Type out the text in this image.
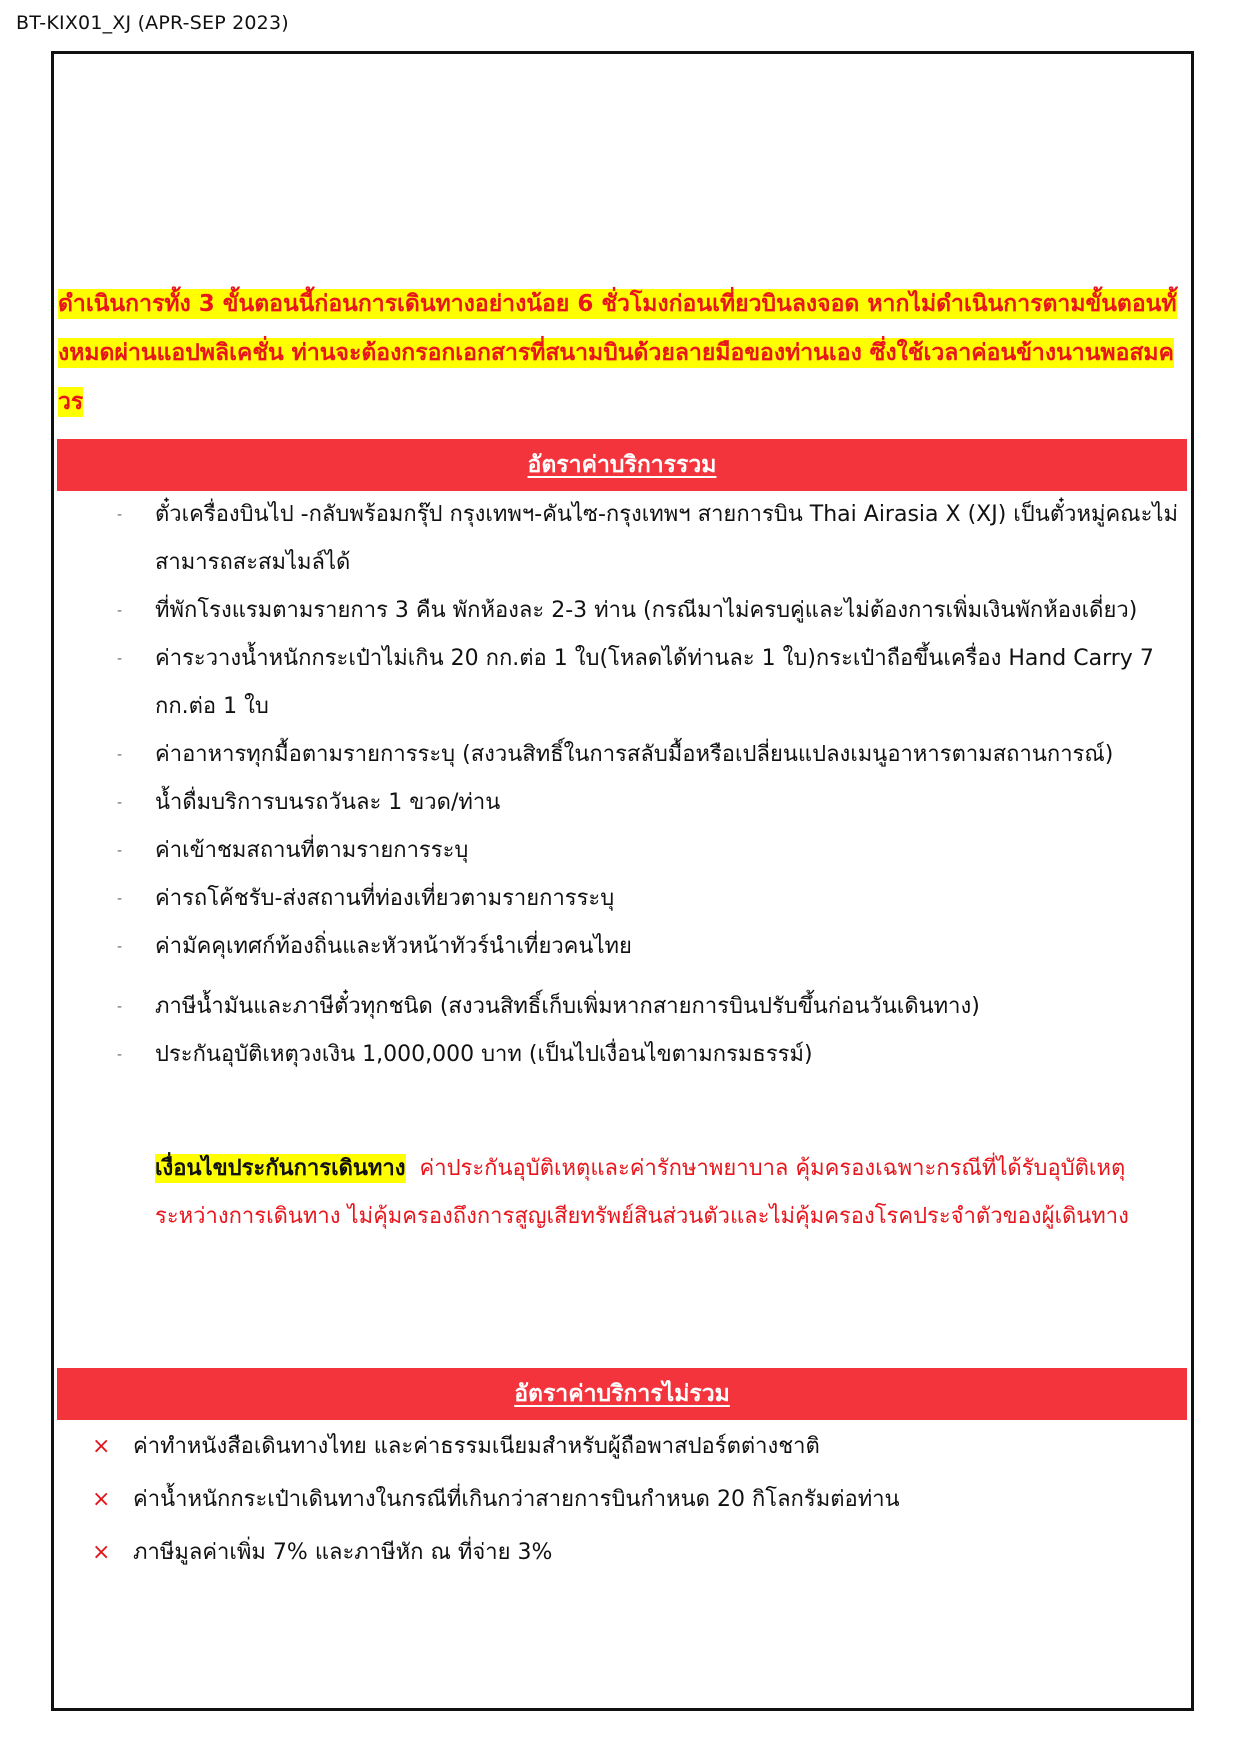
BT-KIX01_XJ (APR-SEP 2023)
ดำเนินการทั้ง 3 ขั้นตอนนี้ก่อนการเดินทางอย่างน้อย 6 ชั่วโมงก่อนเที่ยวบินลงจอด หากไม่ดำเนินการตามขั้นตอนทั้งหมดผ่านแอปพลิเคชั่น ท่านจะต้องกรอกเอกสารที่สนามบินด้วยลายมือของท่านเอง ซึ่งใช้เวลาค่อนข้างนานพอสมควร
อัตราค่าบริการรวม
- ตั๋วเครื่องบินไป -กลับพร้อมกรุ๊ป กรุงเทพฯ-คันไซ-กรุงเทพฯ สายการบิน Thai Airasia X (XJ) เป็นตั๋วหมู่คณะไม่สามารถสะสมไมล์ได้
- ที่พักโรงแรมตามรายการ 3 คืน พักห้องละ 2-3 ท่าน (กรณีมาไม่ครบคู่และไม่ต้องการเพิ่มเงินพักห้องเดี่ยว)
- ค่าระวางน้ำหนักกระเป๋าไม่เกิน 20 กก.ต่อ 1 ใบ(โหลดได้ท่านละ 1 ใบ)กระเป๋าถือขึ้นเครื่อง Hand Carry 7 กก.ต่อ 1 ใบ
- ค่าอาหารทุกมื้อตามรายการระบุ (สงวนสิทธิ์ในการสลับมื้อหรือเปลี่ยนแปลงเมนูอาหารตามสถานการณ์)
- น้ำดื่มบริการบนรถวันละ 1 ขวด/ท่าน
- ค่าเข้าชมสถานที่ตามรายการระบุ
- ค่ารถโค้ชรับ-ส่งสถานที่ท่องเที่ยวตามรายการระบุ
- ค่ามัคคุเทศก์ท้องถิ่นและหัวหน้าทัวร์นำเที่ยวคนไทย
- ภาษีน้ำมันและภาษีตั๋วทุกชนิด (สงวนสิทธิ์เก็บเพิ่มหากสายการบินปรับขึ้นก่อนวันเดินทาง)
- ประกันอุบัติเหตุวงเงิน 1,000,000 บาท (เป็นไปเงื่อนไขตามกรมธรรม์)
เงื่อนไขประกันการเดินทาง ค่าประกันอุบัติเหตุและค่ารักษาพยาบาล คุ้มครองเฉพาะกรณีที่ได้รับอุบัติเหตุระหว่างการเดินทาง ไม่คุ้มครองถึงการสูญเสียทรัพย์สินส่วนตัวและไม่คุ้มครองโรคประจำตัวของผู้เดินทาง
อัตราค่าบริการไม่รวม
× ค่าทำหนังสือเดินทางไทย และค่าธรรมเนียมสำหรับผู้ถือพาสปอร์ตต่างชาติ
× ค่าน้ำหนักกระเป๋าเดินทางในกรณีที่เกินกว่าสายการบินกำหนด 20 กิโลกรัมต่อท่าน
× ภาษีมูลค่าเพิ่ม 7% และภาษีหัก ณ ที่จ่าย 3%
